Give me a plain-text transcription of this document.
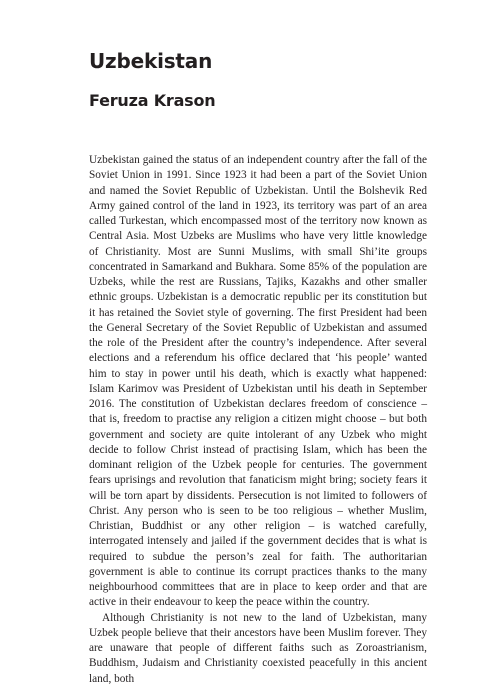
Uzbekistan
Feruza Krason

Uzbekistan gained the status of an independent country after the fall of the Soviet Union in 1991. Since 1923 it had been a part of the Soviet Union and named the Soviet Republic of Uzbekistan. Until the Bolshevik Red Army gained control of the land in 1923, its territory was part of an area called Turkestan, which encompassed most of the territory now known as Central Asia. Most Uzbeks are Muslims who have very little knowledge of Christianity. Most are Sunni Muslims, with small Shi’ite groups concentrated in Samarkand and Bukhara. Some 85% of the population are Uzbeks, while the rest are Russians, Tajiks, Kazakhs and other smaller ethnic groups. Uzbekistan is a democratic republic per its constitution but it has retained the Soviet style of governing. The first President had been the General Secretary of the Soviet Republic of Uzbekistan and assumed the role of the President after the country’s independence. After several elections and a referendum his office declared that ‘his people’ wanted him to stay in power until his death, which is exactly what happened: Islam Karimov was President of Uzbekistan until his death in September 2016. The constitution of Uzbekistan declares freedom of conscience – that is, freedom to practise any religion a citizen might choose – but both government and society are quite intolerant of any Uzbek who might decide to follow Christ instead of practising Islam, which has been the dominant religion of the Uzbek people for centuries. The government fears uprisings and revolution that fanaticism might bring; society fears it will be torn apart by dissidents. Persecution is not limited to followers of Christ. Any person who is seen to be too religious – whether Muslim, Christian, Buddhist or any other religion – is watched carefully, interrogated intensely and jailed if the government decides that is what is required to subdue the person’s zeal for faith. The authoritarian government is able to continue its corrupt practices thanks to the many neighbourhood committees that are in place to keep order and that are active in their endeavour to keep the peace within the country.

Although Christianity is not new to the land of Uzbekistan, many Uzbek people believe that their ancestors have been Muslim forever. They are unaware that people of different faiths such as Zoroastrianism, Buddhism, Judaism and Christianity coexisted peacefully in this ancient land, both
